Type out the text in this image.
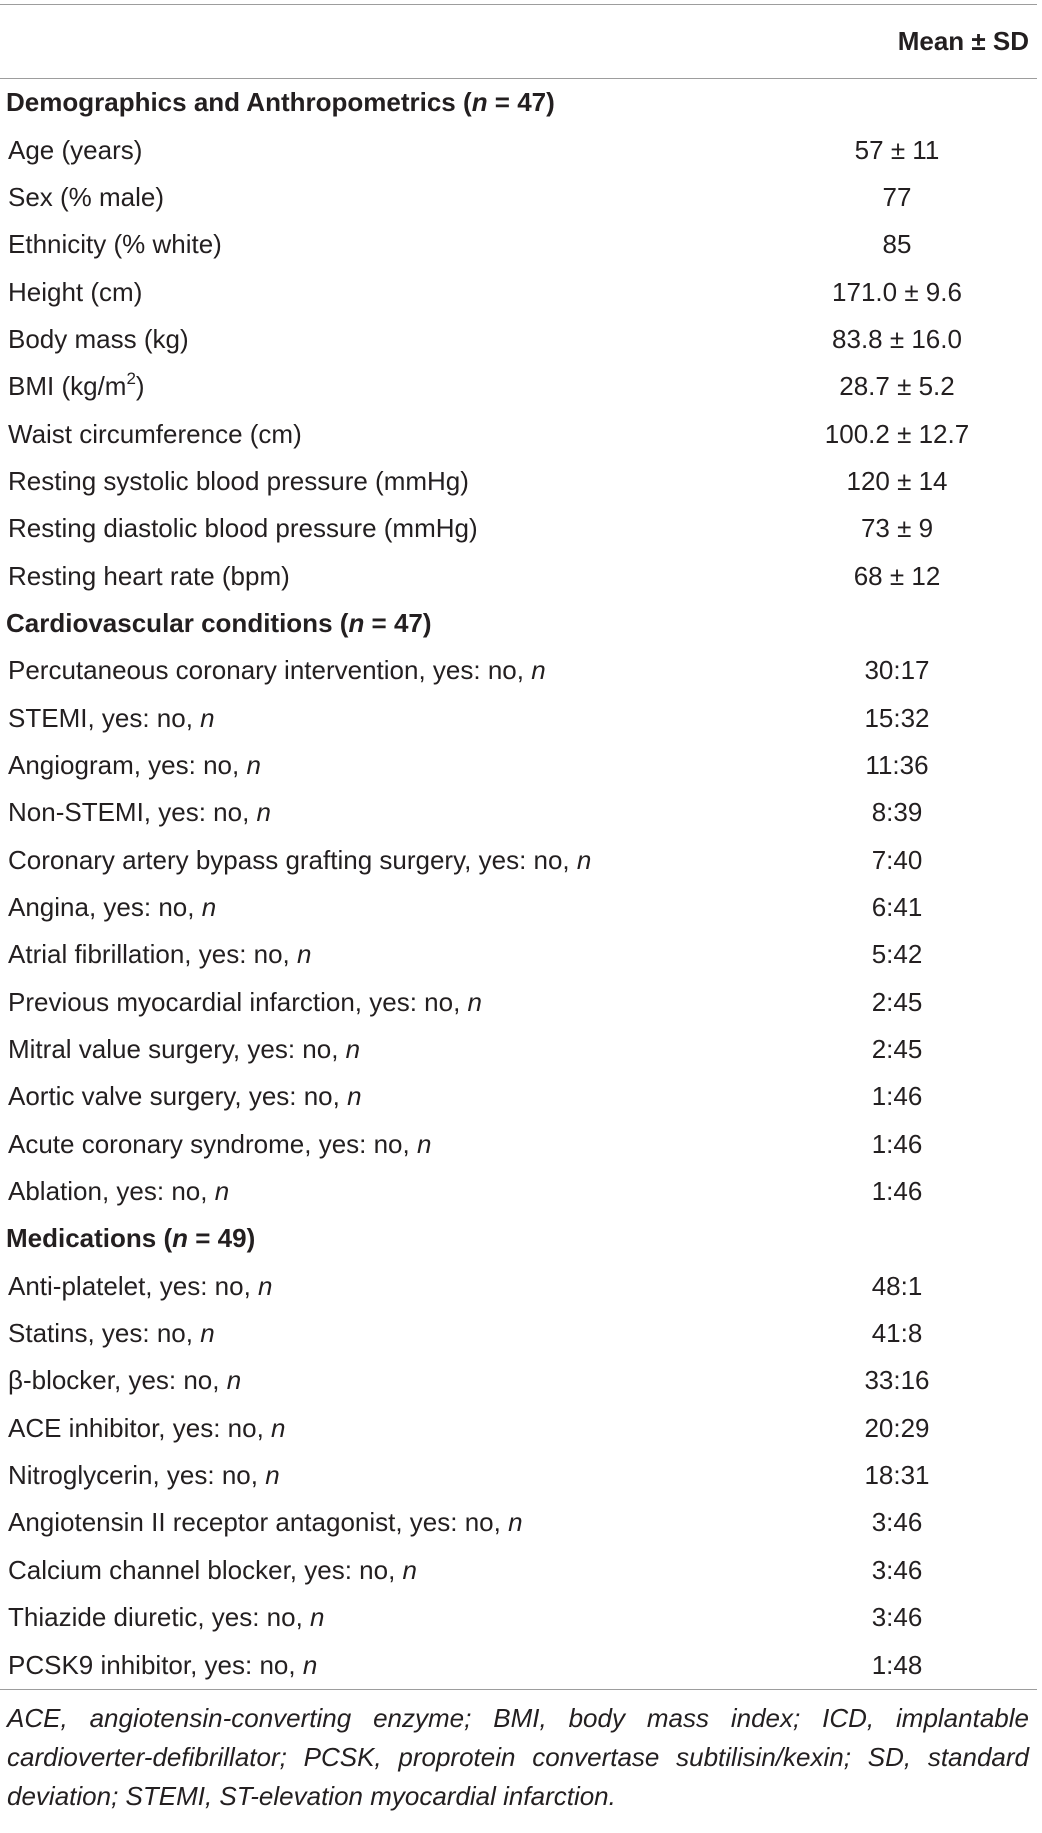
Mean ± SD
Demographics and Anthropometrics (n = 47)
Age (years)	57 ± 11
Sex (% male)	77
Ethnicity (% white)	85
Height (cm)	171.0 ± 9.6
Body mass (kg)	83.8 ± 16.0
BMI $(kg/m^2)$	28.7 ± 5.2
Waist circumference (cm)	100.2 ± 12.7
Resting systolic blood pressure (mmHg)	120 ± 14
Resting diastolic blood pressure (mmHg)	73 ± 9
Resting heart rate (bpm)	68 ± 12
Cardiovascular conditions (n = 47)
Percutaneous coronary intervention, yes: no, n	30:17
STEMI, yes: no, n	15:32
Angiogram, yes: no, n	11:36
Non-STEMI, yes: no, n	8:39
Coronary artery bypass grafting surgery, yes: no, n	7:40
Angina, yes: no, n	6:41
Atrial fibrillation, yes: no, n	5:42
Previous myocardial infarction, yes: no, n	2:45
Mitral value surgery, yes: no, n	2:45
Aortic valve surgery, yes: no, n	1:46
Acute coronary syndrome, yes: no, n	1:46
Ablation, yes: no, n	1:46
Medications (n = 49)
Anti-platelet, yes: no, n	48:1
Statins, yes: no, n	41:8
β-blocker, yes: no, n	33:16
ACE inhibitor, yes: no, n	20:29
Nitroglycerin, yes: no, n	18:31
Angiotensin II receptor antagonist, yes: no, n	3:46
Calcium channel blocker, yes: no, n	3:46
Thiazide diuretic, yes: no, n	3:46
PCSK9 inhibitor, yes: no, n	1:48
ACE, angiotensin-converting enzyme; BMI, body mass index; ICD, implantable cardioverter-defibrillator; PCSK, proprotein convertase subtilisin/kexin; SD, standard deviation; STEMI, ST-elevation myocardial infarction.
